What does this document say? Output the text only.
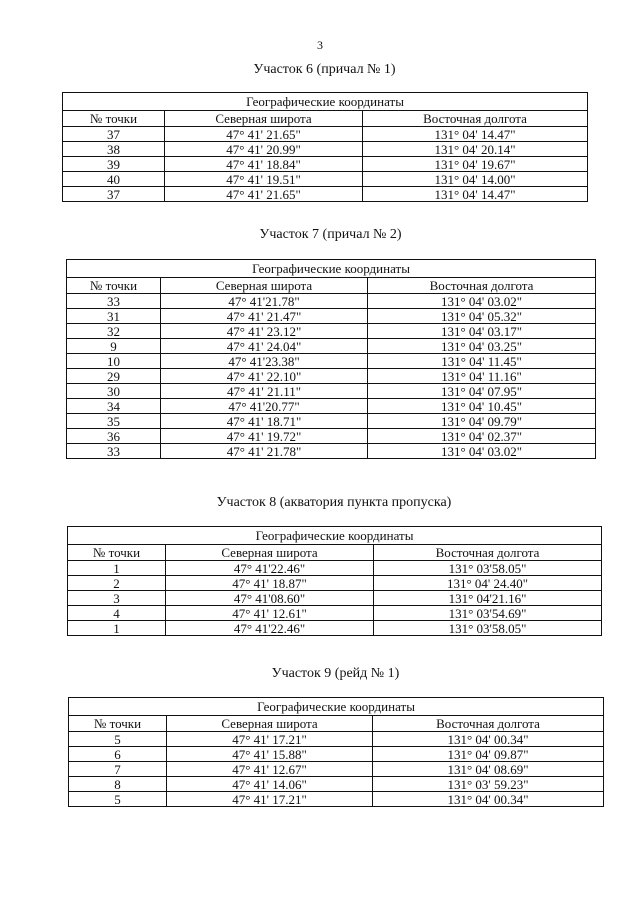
3
Участок 6 (причал № 1)
Географические координаты		
№ точки	Северная широта	Восточная долгота
37	47° 41' 21.65"	131° 04' 14.47"
38	47° 41' 20.99"	131° 04' 20.14"
39	47° 41' 18.84"	131° 04' 19.67"
40	47° 41' 19.51"	131° 04' 14.00"
37	47° 41' 21.65"	131° 04' 14.47"
Участок 7 (причал № 2)
Географические координаты		
№ точки	Северная широта	Восточная долгота
33	47° 41'21.78"	131° 04' 03.02"
31	47° 41' 21.47"	131° 04' 05.32"
32	47° 41' 23.12"	131° 04' 03.17"
9	47° 41' 24.04"	131° 04' 03.25"
10	47° 41'23.38"	131° 04' 11.45"
29	47° 41' 22.10"	131° 04' 11.16"
30	47° 41' 21.11"	131° 04' 07.95"
34	47° 41'20.77"	131° 04' 10.45"
35	47° 41' 18.71"	131° 04' 09.79"
36	47° 41' 19.72"	131° 04' 02.37"
33	47° 41' 21.78"	131° 04' 03.02"
Участок 8 (акватория пункта пропуска)
Географические координаты		
№ точки	Северная широта	Восточная долгота
1	47° 41'22.46"	131° 03'58.05"
2	47° 41' 18.87"	131° 04' 24.40"
3	47° 41'08.60"	131° 04'21.16"
4	47° 41' 12.61"	131° 03'54.69"
1	47° 41'22.46"	131° 03'58.05"
Участок 9 (рейд № 1)
Географические координаты		
№ точки	Северная широта	Восточная долгота
5	47° 41' 17.21"	131° 04' 00.34"
6	47° 41' 15.88"	131° 04' 09.87"
7	47° 41' 12.67"	131° 04' 08.69"
8	47° 41' 14.06"	131° 03' 59.23"
5	47° 41' 17.21"	131° 04' 00.34"
